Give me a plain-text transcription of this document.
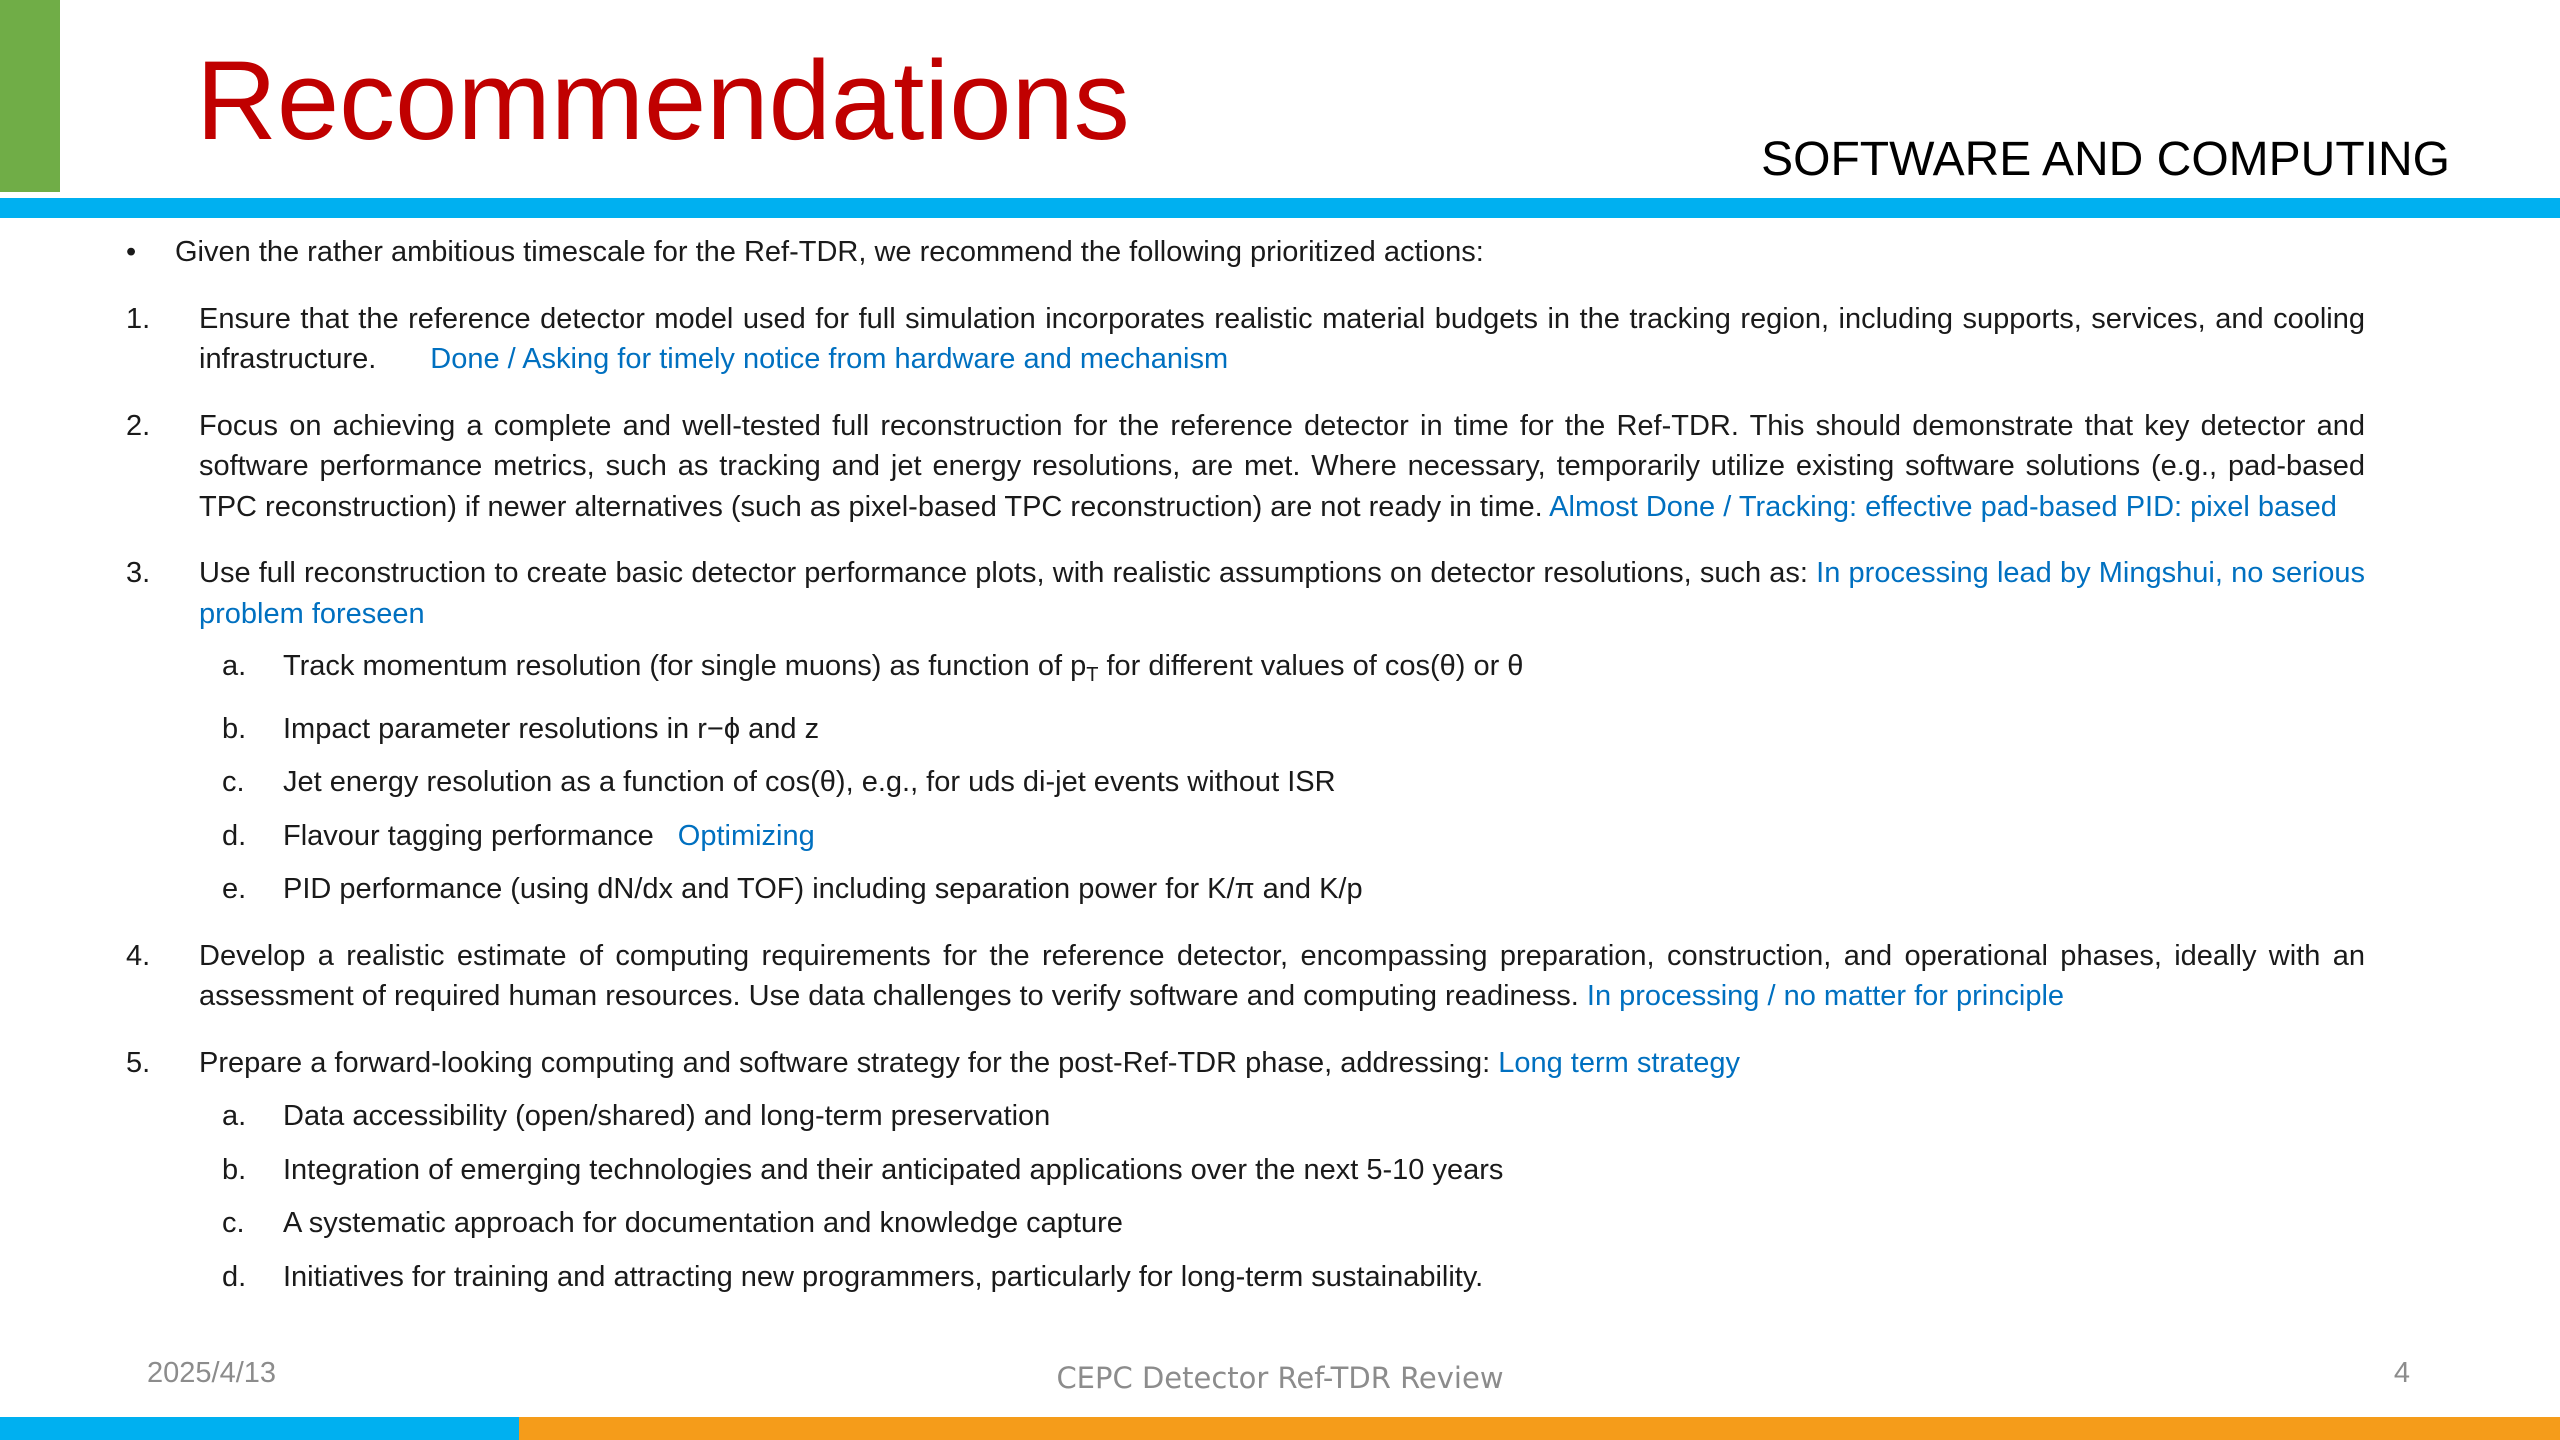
Recommendations	SOFTWARE AND COMPUTING
• Given the rather ambitious timescale for the Ref-TDR, we recommend the following prioritized actions:
1. Ensure that the reference detector model used for full simulation incorporates realistic material budgets in the tracking region, including supports, services, and cooling infrastructure. Done / Asking for timely notice from hardware and mechanism
2. Focus on achieving a complete and well-tested full reconstruction for the reference detector in time for the Ref-TDR. This should demonstrate that key detector and software performance metrics, such as tracking and jet energy resolutions, are met. Where necessary, temporarily utilize existing software solutions (e.g., pad-based TPC reconstruction) if newer alternatives (such as pixel-based TPC reconstruction) are not ready in time. Almost Done / Tracking: effective pad-based PID: pixel based
3. Use full reconstruction to create basic detector performance plots, with realistic assumptions on detector resolutions, such as: In processing lead by Mingshui, no serious problem foreseen
a. Track momentum resolution (for single muons) as function of $p_T$ for different values of cos(θ) or θ
b. Impact parameter resolutions in r−ϕ and z
c. Jet energy resolution as a function of cos(θ), e.g., for uds di-jet events without ISR
d. Flavour tagging performance Optimizing
e. PID performance (using dN/dx and TOF) including separation power for K/π and K/p
4. Develop a realistic estimate of computing requirements for the reference detector, encompassing preparation, construction, and operational phases, ideally with an assessment of required human resources. Use data challenges to verify software and computing readiness. In processing / no matter for principle
5. Prepare a forward-looking computing and software strategy for the post-Ref-TDR phase, addressing: Long term strategy
a. Data accessibility (open/shared) and long-term preservation
b. Integration of emerging technologies and their anticipated applications over the next 5-10 years
c. A systematic approach for documentation and knowledge capture
d. Initiatives for training and attracting new programmers, particularly for long-term sustainability.
2025/4/13	CEPC Detector Ref-TDR Review	4
